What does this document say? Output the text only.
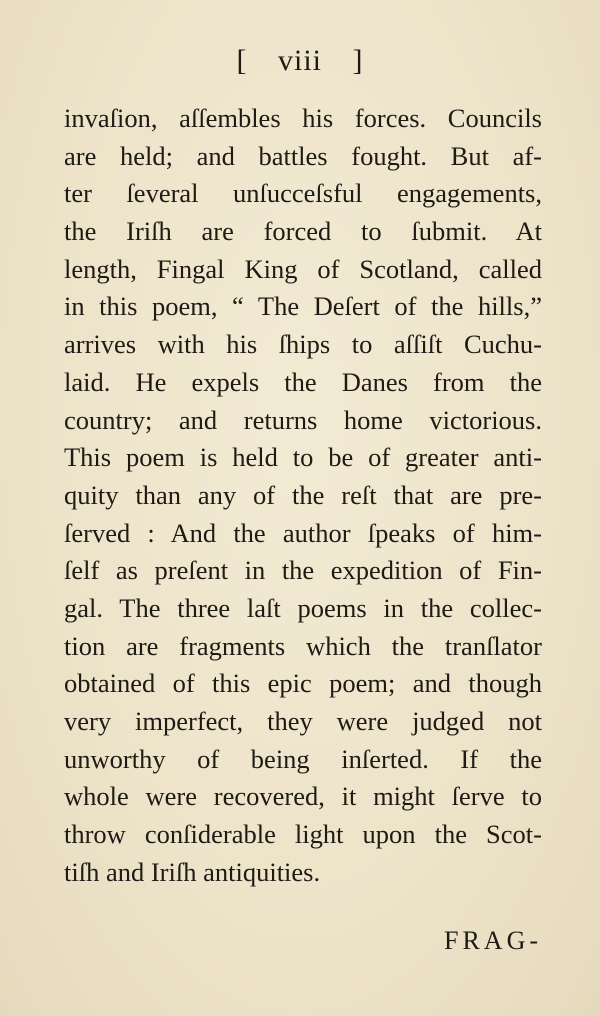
[ viii ]
invaſion, aſſembles his forces. Councils
are held; and battles fought. But af-
ter ſeveral unſucceſsful engagements,
the Iriſh are forced to ſubmit. At
length, Fingal King of Scotland, called
in this poem, “ The Deſert of the hills,”
arrives with his ſhips to aſſiſt Cuchu-
laid. He expels the Danes from the
country; and returns home victorious.
This poem is held to be of greater anti-
quity than any of the reſt that are pre-
ſerved : And the author ſpeaks of him-
ſelf as preſent in the expedition of Fin-
gal. The three laſt poems in the collec-
tion are fragments which the tranſlator
obtained of this epic poem; and though
very imperfect, they were judged not
unworthy of being inſerted. If the
whole were recovered, it might ſerve to
throw conſiderable light upon the Scot-
tiſh and Iriſh antiquities.
FRAG-
